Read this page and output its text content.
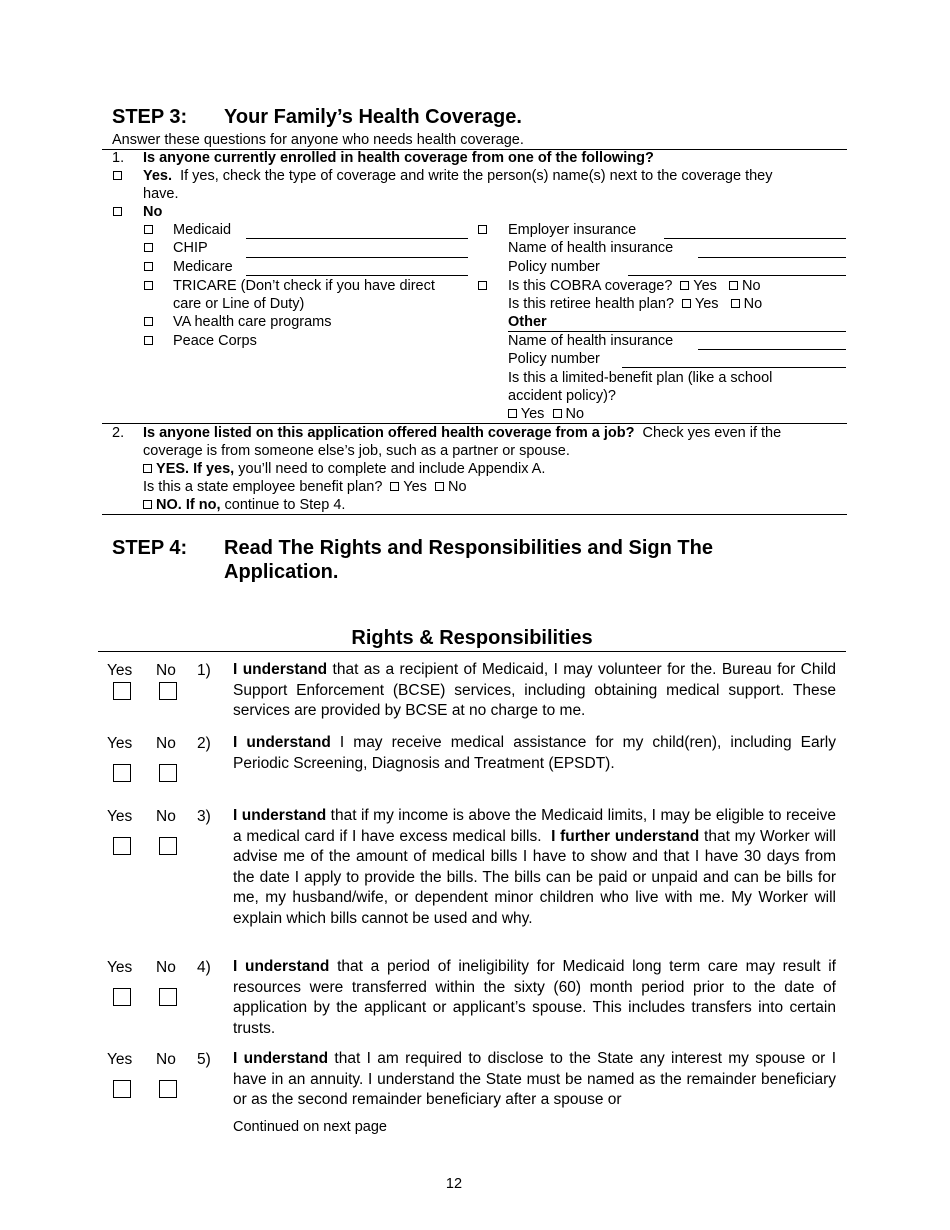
STEP 3: Your Family’s Health Coverage.
Answer these questions for anyone who needs health coverage.
1. Is anyone currently enrolled in health coverage from one of the following?
Yes. If yes, check the type of coverage and write the person(s) name(s) next to the coverage they
have.
No
Medicaid
CHIP
Medicare
TRICARE (Don’t check if you have direct
care or Line of Duty)
VA health care programs
Peace Corps
Employer insurance
Name of health insurance
Policy number
Is this COBRA coverage? Yes No
Is this retiree health plan? Yes No
Other
Name of health insurance
Policy number
Is this a limited-benefit plan (like a school
accident policy)?
Yes No
2. Is anyone listed on this application offered health coverage from a job? Check yes even if the
coverage is from someone else’s job, such as a partner or spouse.
YES. If yes, you’ll need to complete and include Appendix A.
Is this a state employee benefit plan? Yes No
NO. If no, continue to Step 4.
STEP 4: Read The Rights and Responsibilities and Sign The
Application.
Rights & Responsibilities
Yes No 1) I understand that as a recipient of Medicaid, I may volunteer for the. Bureau for Child Support Enforcement (BCSE) services, including obtaining medical support. These services are provided by BCSE at no charge to me.
Yes No 2) I understand I may receive medical assistance for my child(ren), including Early Periodic Screening, Diagnosis and Treatment (EPSDT).
Yes No 3) I understand that if my income is above the Medicaid limits, I may be eligible to receive a medical card if I have excess medical bills. I further understand that my Worker will advise me of the amount of medical bills I have to show and that I have 30 days from the date I apply to provide the bills. The bills can be paid or unpaid and can be bills for me, my husband/wife, or dependent minor children who live with me. My Worker will explain which bills cannot be used and why.
Yes No 4) I understand that a period of ineligibility for Medicaid long term care may result if resources were transferred within the sixty (60) month period prior to the date of application by the applicant or applicant’s spouse. This includes transfers into certain trusts.
Yes No 5) I understand that I am required to disclose to the State any interest my spouse or I have in an annuity. I understand the State must be named as the remainder beneficiary or as the second remainder beneficiary after a spouse or
Continued on next page
12
